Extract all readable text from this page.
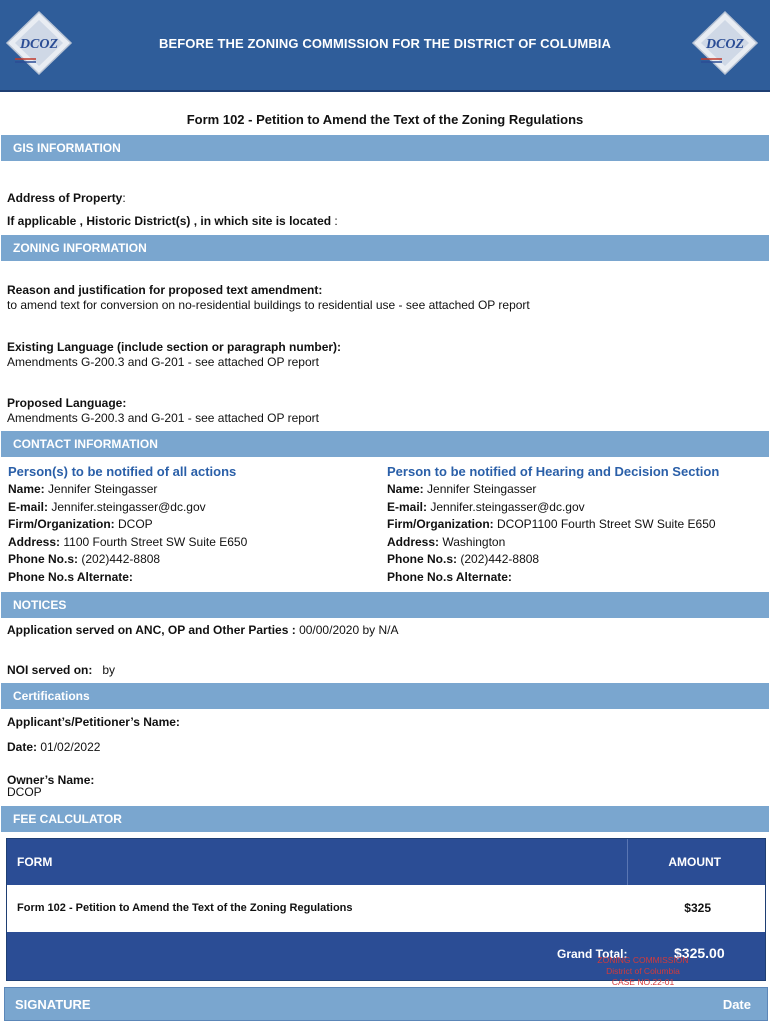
DCOZ	BEFORE THE ZONING COMMISSION FOR THE DISTRICT OF COLUMBIA	DCOZ
Form 102 - Petition to Amend the Text of the Zoning Regulations
GIS INFORMATION
Address of Property:
If applicable , Historic District(s) , in which site is located :
ZONING INFORMATION
Reason and justification for proposed text amendment:
to amend text for conversion on no-residential buildings to residential use - see attached OP report
Existing Language (include section or paragraph number):
Amendments G-200.3 and G-201 - see attached OP report
Proposed Language:
Amendments G-200.3 and G-201 - see attached OP report
CONTACT INFORMATION
Person(s) to be notified of all actions
Name: Jennifer Steingasser
E-mail: Jennifer.steingasser@dc.gov
Firm/Organization: DCOP
Address: 1100 Fourth Street SW Suite E650
Phone No.s: (202)442-8808
Phone No.s Alternate:
Person to be notified of Hearing and Decision Section
Name: Jennifer Steingasser
E-mail: Jennifer.steingasser@dc.gov
Firm/Organization: DCOP1100 Fourth Street SW Suite E650
Address: Washington
Phone No.s: (202)442-8808
Phone No.s Alternate:
NOTICES
Application served on ANC, OP and Other Parties : 00/00/2020 by N/A
NOI served on: by
Certifications
Applicant’s/Petitioner’s Name:
Date: 01/02/2022
Owner’s Name:
DCOP
FEE CALCULATOR
FORM	AMOUNT
Form 102 - Petition to Amend the Text of the Zoning Regulations	$325
Grand Total:	$325.00
ZONING COMMISSION
District of Columbia
CASE NO.22-01
SIGNATURE	Date
